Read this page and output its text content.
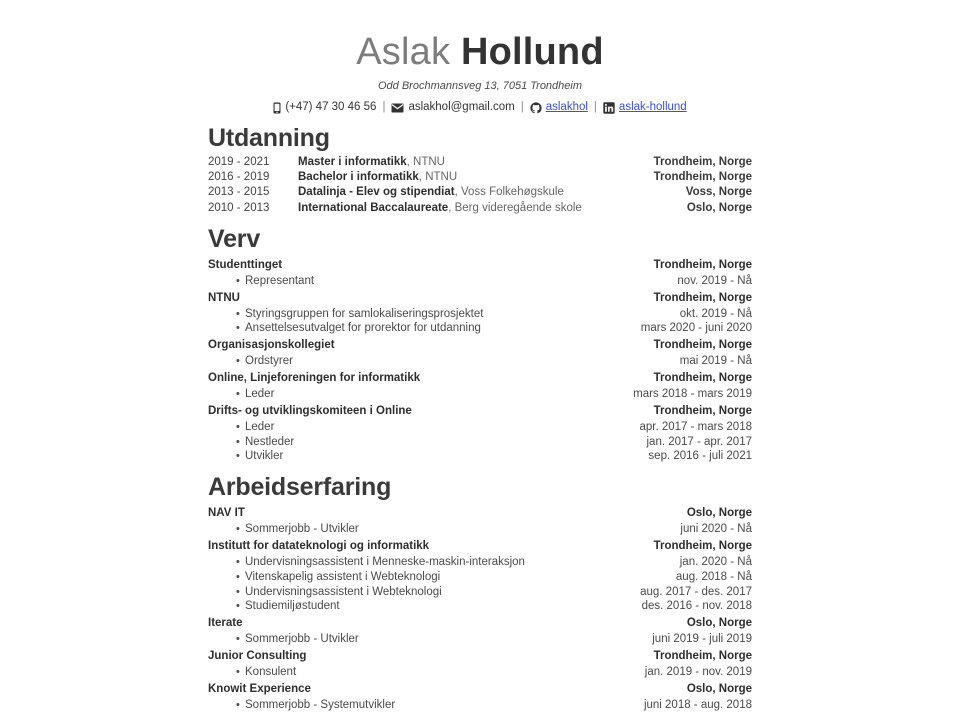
Aslak Hollund
Odd Brochmannsveg 13, 7051 Trondheim
(+47) 47 30 46 56 |	aslakhol@gmail.com |	aslakhol |	aslak-hollund
Utdanning
2019 - 2021	Master i informatikk, NTNU	Trondheim, Norge
2016 - 2019	Bachelor i informatikk, NTNU	Trondheim, Norge
2013 - 2015	Datalinja - Elev og stipendiat, Voss Folkehøgskule	Voss, Norge
2010 - 2013	International Baccalaureate, Berg videregående skole	Oslo, Norge
Verv
Studenttinget	Trondheim, Norge
• Representant	nov. 2019 - Nå
NTNU	Trondheim, Norge
• Styringsgruppen for samlokaliseringsprosjektet	okt. 2019 - Nå
• Ansettelsesutvalget for prorektor for utdanning	mars 2020 - juni 2020
Organisasjonskollegiet	Trondheim, Norge
• Ordstyrer	mai 2019 - Nå
Online, Linjeforeningen for informatikk	Trondheim, Norge
• Leder	mars 2018 - mars 2019
Drifts- og utviklingskomiteen i Online	Trondheim, Norge
• Leder	apr. 2017 - mars 2018
• Nestleder	jan. 2017 - apr. 2017
• Utvikler	sep. 2016 - juli 2021
Arbeidserfaring
NAV IT	Oslo, Norge
• Sommerjobb - Utvikler	juni 2020 - Nå
Institutt for datateknologi og informatikk	Trondheim, Norge
• Undervisningsassistent i Menneske-maskin-interaksjon	jan. 2020 - Nå
• Vitenskapelig assistent i Webteknologi	aug. 2018 - Nå
• Undervisningsassistent i Webteknologi	aug. 2017 - des. 2017
• Studiemiljøstudent	des. 2016 - nov. 2018
Iterate	Oslo, Norge
• Sommerjobb - Utvikler	juni 2019 - juli 2019
Junior Consulting	Trondheim, Norge
• Konsulent	jan. 2019 - nov. 2019
Knowit Experience	Oslo, Norge
• Sommerjobb - Systemutvikler	juni 2018 - aug. 2018
